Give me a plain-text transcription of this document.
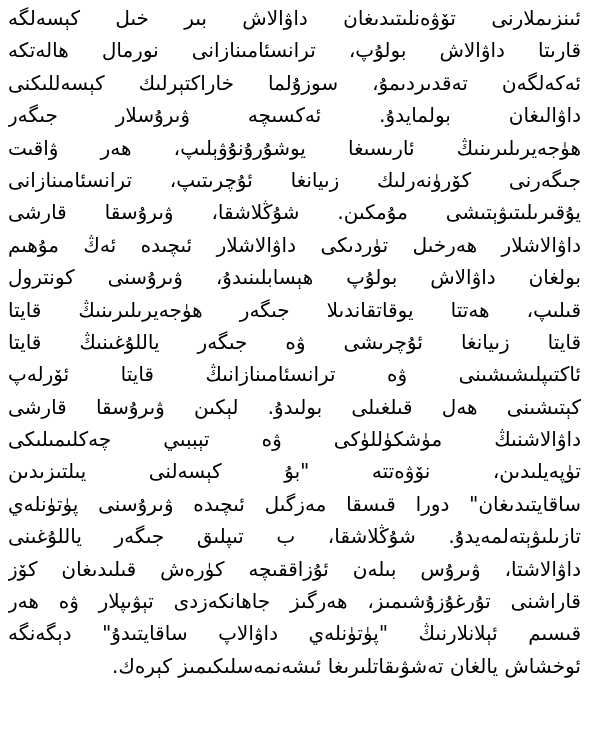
ئىنزىملارنى تۆۋەنلىتىدىغان داۋالاش بىر خىل كېسەلگە
قارىتا داۋالاش بولۇپ، ترانسئامىنازانى نورمال ھالەتكە
ئەكەلگەن تەقدىردىمۇ، سوزۇلما خاراكتېرلىك كېسەللىكنى
داۋالىغان بولمايدۇ. ئەكسىچە ۋىرۇسلار جىگەر
ھۈجەيرىلىرىنىڭ ئارىسىغا يوشۇرۇنۇۋېلىپ، ھەر ۋاقىت
جىگەرنى كۆرۈنەرلىك زىيانغا ئۇچرىتىپ، ترانسئامىنازانى
يۇقىرىلىتىۋېتىشى مۇمكىن. شۇڭلاشقا، ۋىرۇسقا قارشى
داۋالاشلار ھەرخىل تۈردىكى داۋالاشلار ئىچىدە ئەڭ مۇھىم
بولغان داۋالاش بولۇپ ھېسابلىنىدۇ، ۋىرۇسنى كونترول
قىلىپ، ھەتتا يوقاتقاندىلا جىگەر ھۈجەيرىلىرىنىڭ قايتا
قايتا زىيانغا ئۇچرىشى ۋە جىگەر ياللۇغىنىڭ قايتا
ئاكتىپلىشىشىنى ۋە ترانسئامىنازانىڭ قايتا ئۆرلەپ
كېتىشىنى ھەل قىلغىلى بولىدۇ. لېكىن ۋىرۇسقا قارشى
داۋالاشنىڭ مۈشكۈللۈكى ۋە تېببىي چەكلىمىلىكى
تۈپەيلىدىن، نۆۋەتتە "بۇ كېسەلنى يىلتىزىدىن
ساقايتىدىغان" دورا قىسقا مەزگىل ئىچىدە ۋىرۇسنى پۈتۈنلەي
تازىلىۋېتەلمەيدۇ. شۇڭلاشقا، ب تىپلىق جىگەر ياللۇغىنى
داۋالاشتا، ۋىرۇس بىلەن ئۇزاققىچە كۈرەش قىلىدىغان كۆز
قاراشنى تۇرغۇزۇشىمىز، ھەرگىز جاھانكەزدى تېۋىپلار ۋە ھەر
قىسىم ئېلانلارنىڭ "پۈتۈنلەي داۋالاپ ساقايتىدۇ" دېگەنگە
ئوخشاش يالغان تەشۋىقاتلىرىغا ئىشەنمەسلىكىمىز كېرەك.
